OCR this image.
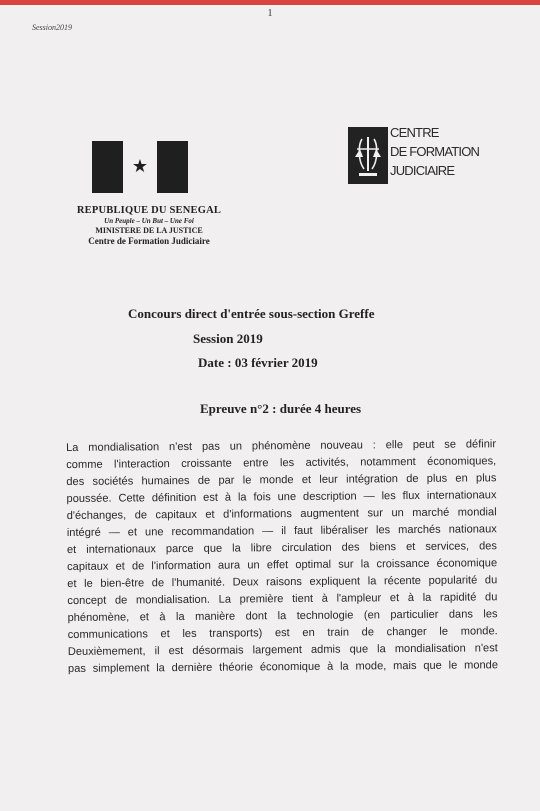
1
Session2019
★
REPUBLIQUE DU SENEGAL
Un Peuple – Un But – Une Foi
MINISTERE DE LA JUSTICE
Centre de Formation Judiciaire
CENTRE
DE FORMATION
JUDICIAIRE
Concours direct d'entrée sous-section Greffe
Session 2019
Date : 03 février 2019
Epreuve n°2 : durée 4 heures
La mondialisation n'est pas un phénomène nouveau : elle peut se définir
comme l'interaction croissante entre les activités, notamment économiques,
des sociétés humaines de par le monde et leur intégration de plus en plus
poussée. Cette définition est à la fois une description — les flux internationaux
d'échanges, de capitaux et d'informations augmentent sur un marché mondial
intégré — et une recommandation — il faut libéraliser les marchés nationaux
et internationaux parce que la libre circulation des biens et services, des
capitaux et de l'information aura un effet optimal sur la croissance économique
et le bien-être de l'humanité. Deux raisons expliquent la récente popularité du
concept de mondialisation. La première tient à l'ampleur et à la rapidité du
phénomène, et à la manière dont la technologie (en particulier dans les
communications et les transports) est en train de changer le monde.
Deuxièmement, il est désormais largement admis que la mondialisation n'est
pas simplement la dernière théorie économique à la mode, mais que le monde
